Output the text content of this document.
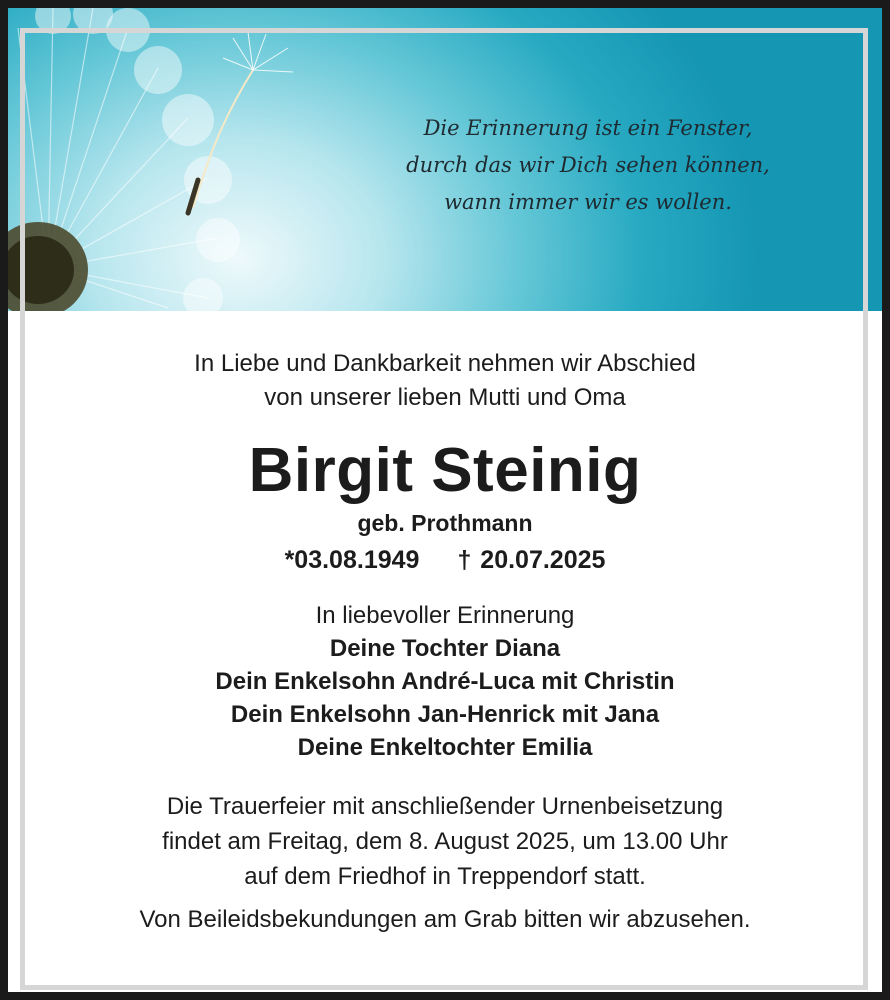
Die Erinnerung ist ein Fenster,
durch das wir Dich sehen können,
wann immer wir es wollen.
In Liebe und Dankbarkeit nehmen wir Abschied
von unserer lieben Mutti und Oma
Birgit Steinig
geb. Prothmann
*03.08.1949 † 20.07.2025
In liebevoller Erinnerung
Deine Tochter Diana
Dein Enkelsohn André-Luca mit Christin
Dein Enkelsohn Jan-Henrick mit Jana
Deine Enkeltochter Emilia
Die Trauerfeier mit anschließender Urnenbeisetzung
findet am Freitag, dem 8. August 2025, um 13.00 Uhr
auf dem Friedhof in Treppendorf statt.
Von Beileidsbekundungen am Grab bitten wir abzusehen.
